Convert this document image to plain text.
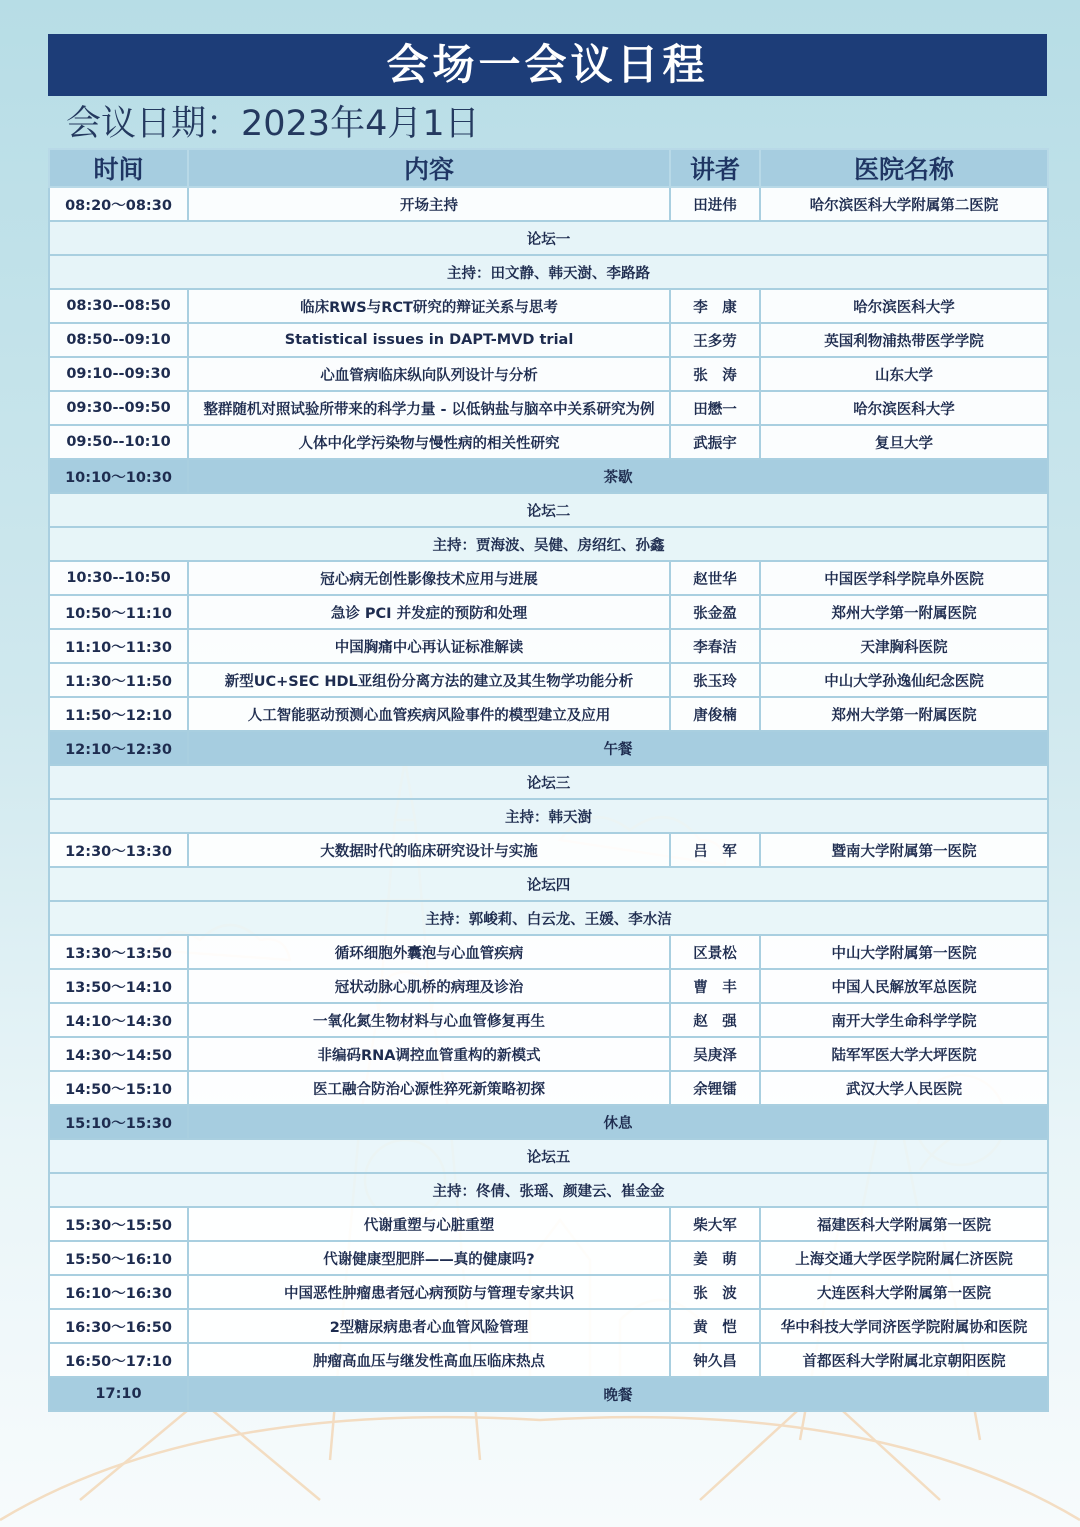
会场一会议日程
会议日期：2023年4月1日
时间	内容	讲者	医院名称
08:20～08:30	开场主持	田进伟	哈尔滨医科大学附属第二医院
论坛一			
主持：田文静、韩天澍、李路路			
08:30--08:50	临床RWS与RCT研究的辩证关系与思考	李　康	哈尔滨医科大学
08:50--09:10	Statistical issues in DAPT-MVD trial	王多劳	英国利物浦热带医学学院
09:10--09:30	心血管病临床纵向队列设计与分析	张　涛	山东大学
09:30--09:50	整群随机对照试验所带来的科学力量 - 以低钠盐与脑卒中关系研究为例	田懋一	哈尔滨医科大学
09:50--10:10	人体中化学污染物与慢性病的相关性研究	武振宇	复旦大学
10:10～10:30	茶歇		
论坛二			
主持：贾海波、吴健、房绍红、孙鑫			
10:30--10:50	冠心病无创性影像技术应用与进展	赵世华	中国医学科学院阜外医院
10:50～11:10	急诊 PCI 并发症的预防和处理	张金盈	郑州大学第一附属医院
11:10～11:30	中国胸痛中心再认证标准解读	李春洁	天津胸科医院
11:30～11:50	新型UC+SEC HDL亚组份分离方法的建立及其生物学功能分析	张玉玲	中山大学孙逸仙纪念医院
11:50～12:10	人工智能驱动预测心血管疾病风险事件的模型建立及应用	唐俊楠	郑州大学第一附属医院
12:10～12:30	午餐		
论坛三			
主持：韩天澍			
12:30～13:30	大数据时代的临床研究设计与实施	吕　军	暨南大学附属第一医院
论坛四			
主持：郭峻莉、白云龙、王媛、李水洁			
13:30～13:50	循环细胞外囊泡与心血管疾病	区景松	中山大学附属第一医院
13:50～14:10	冠状动脉心肌桥的病理及诊治	曹　丰	中国人民解放军总医院
14:10～14:30	一氧化氮生物材料与心血管修复再生	赵　强	南开大学生命科学学院
14:30～14:50	非编码RNA调控血管重构的新模式	吴庚泽	陆军军医大学大坪医院
14:50～15:10	医工融合防治心源性猝死新策略初探	余锂镭	武汉大学人民医院
15:10～15:30	休息		
论坛五			
主持：佟倩、张瑶、颜建云、崔金金			
15:30～15:50	代谢重塑与心脏重塑	柴大军	福建医科大学附属第一医院
15:50～16:10	代谢健康型肥胖——真的健康吗?	姜　萌	上海交通大学医学院附属仁济医院
16:10～16:30	中国恶性肿瘤患者冠心病预防与管理专家共识	张　波	大连医科大学附属第一医院
16:30～16:50	2型糖尿病患者心血管风险管理	黄　恺	华中科技大学同济医学院附属协和医院
16:50～17:10	肿瘤高血压与继发性高血压临床热点	钟久昌	首都医科大学附属北京朝阳医院
17:10	晚餐		
